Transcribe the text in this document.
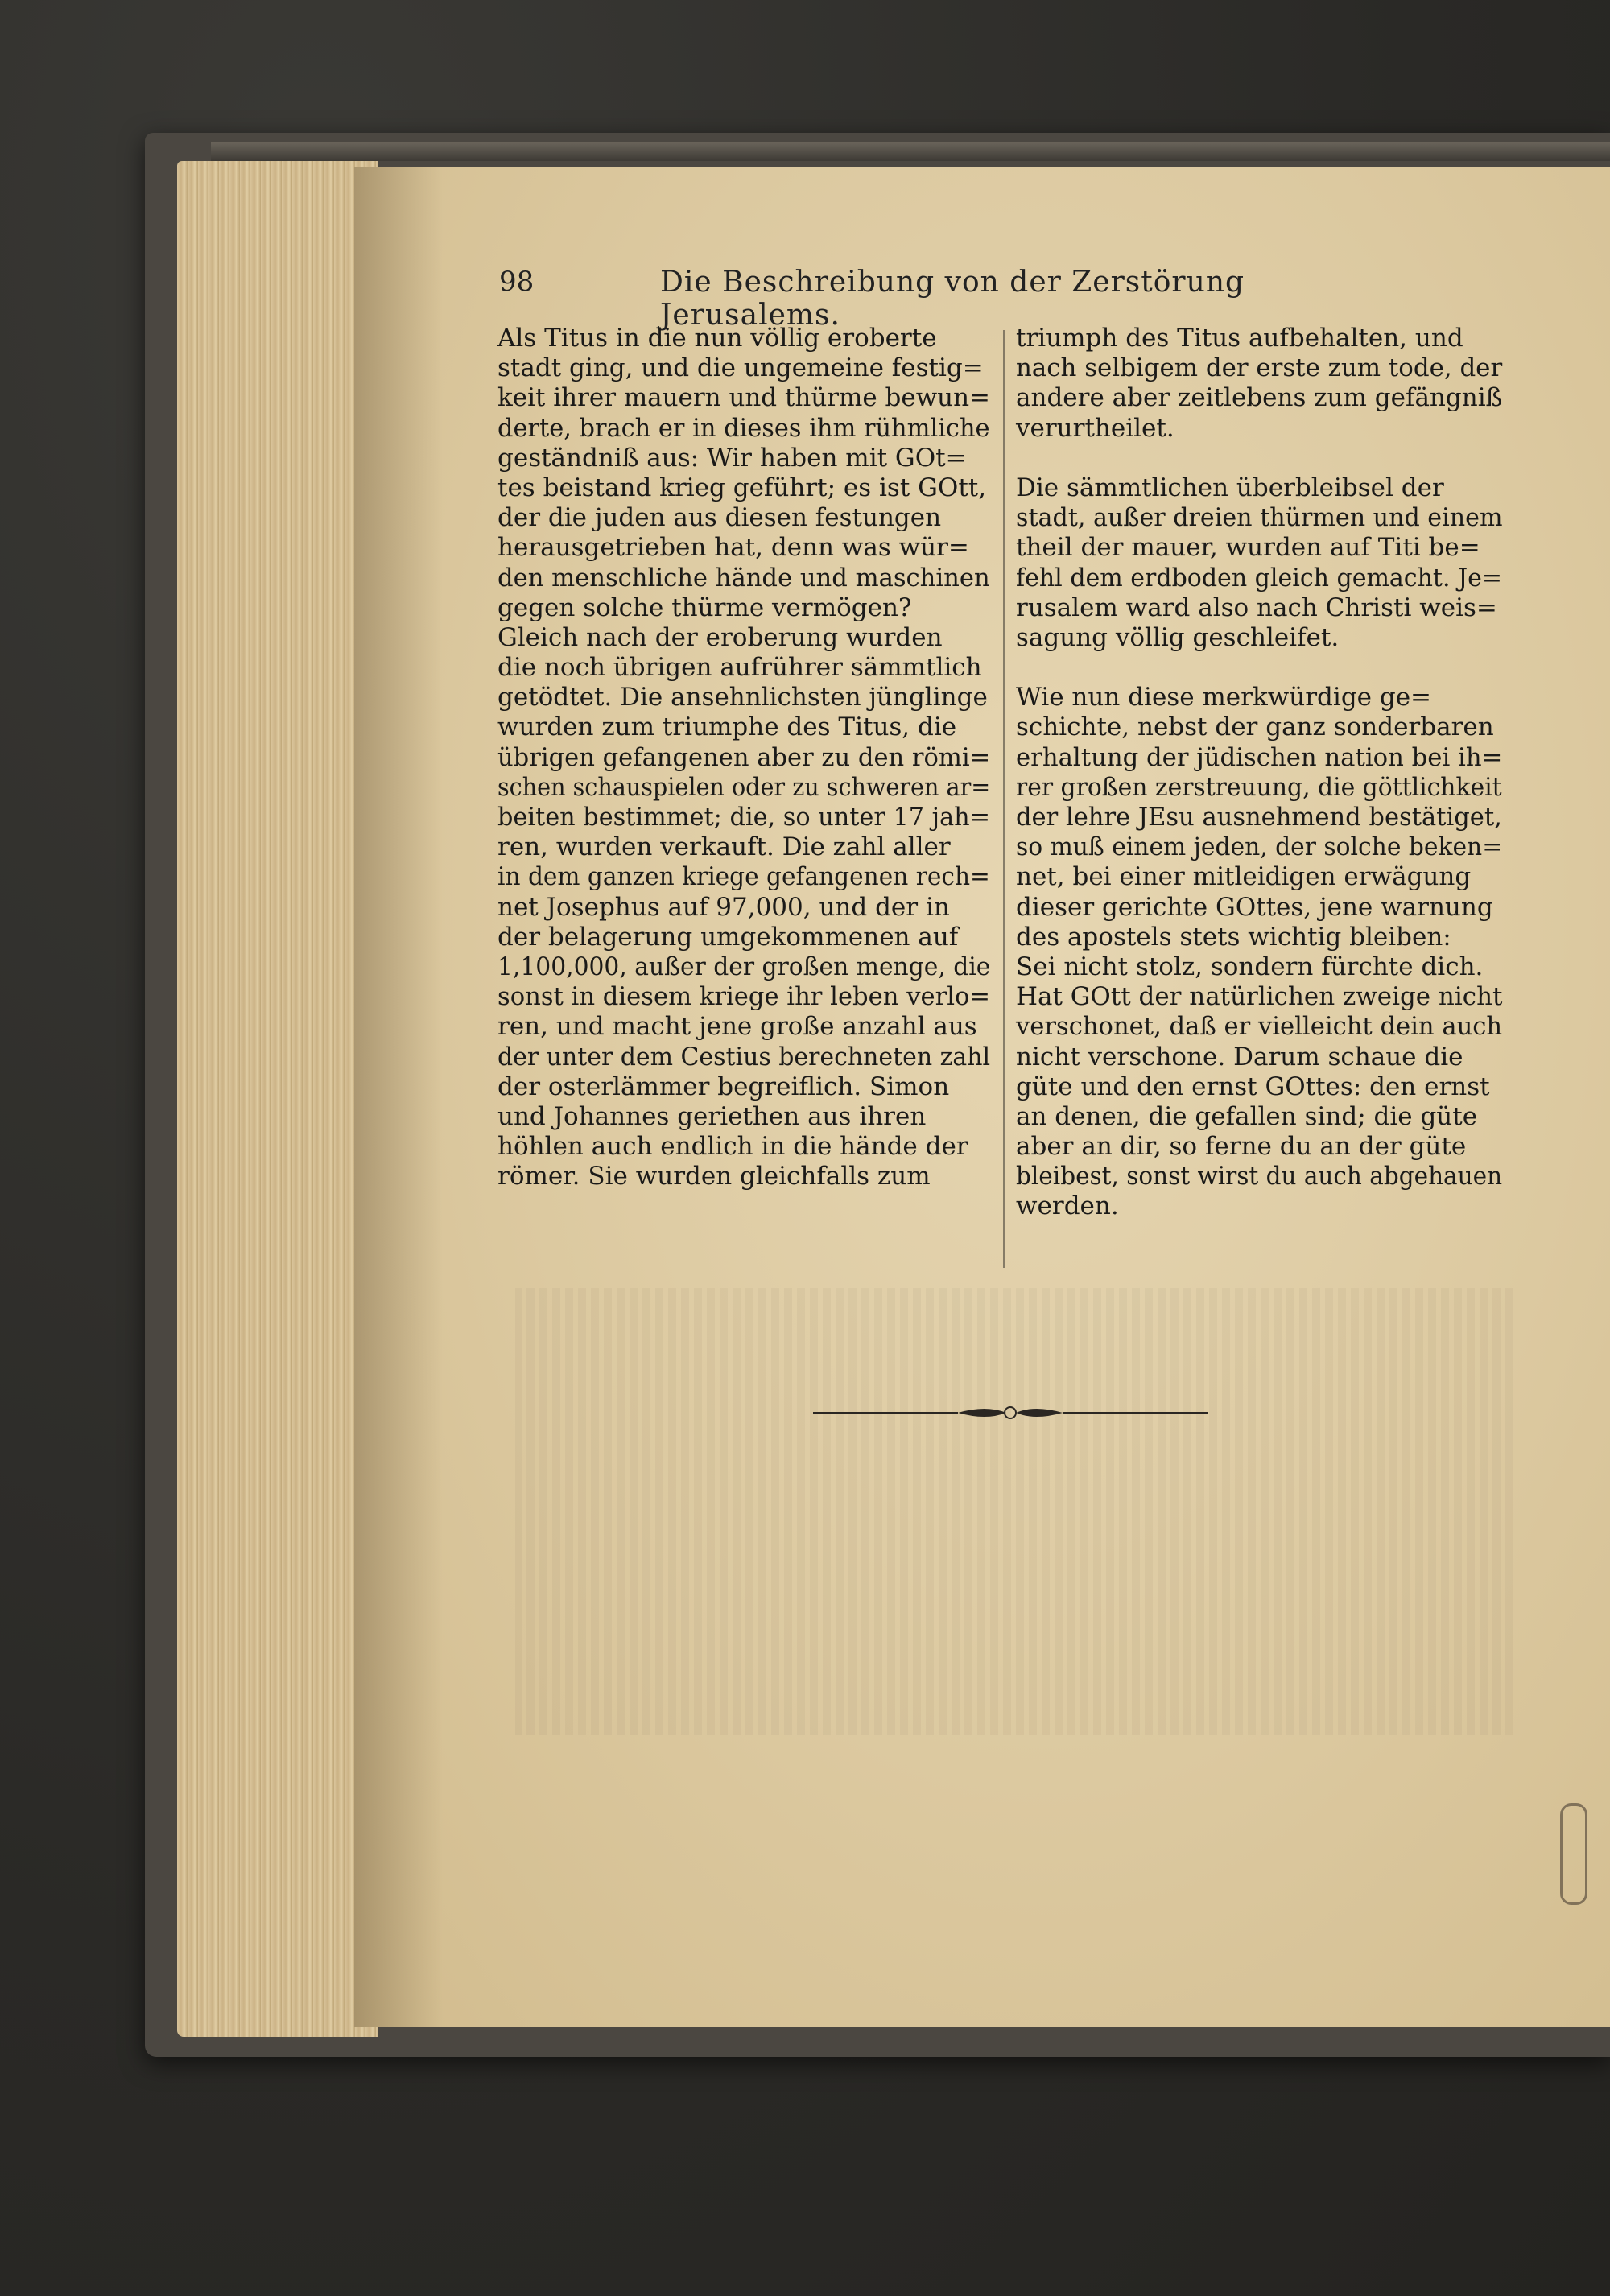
98	Die Beschreibung von der Zerstörung Jerusalems.
Als Titus in die nun völlig eroberte
stadt ging, und die ungemeine festig=
keit ihrer mauern und thürme bewun=
derte, brach er in dieses ihm rühmliche
geständniß aus: Wir haben mit GOt=
tes beistand krieg geführt; es ist GOtt,
der die juden aus diesen festungen
herausgetrieben hat, denn was wür=
den menschliche hände und maschinen
gegen solche thürme vermögen?
Gleich nach der eroberung wurden
die noch übrigen aufrührer sämmtlich
getödtet. Die ansehnlichsten jünglinge
wurden zum triumphe des Titus, die
übrigen gefangenen aber zu den römi=
schen schauspielen oder zu schweren ar=
beiten bestimmet; die, so unter 17 jah=
ren, wurden verkauft. Die zahl aller
in dem ganzen kriege gefangenen rech=
net Josephus auf 97,000, und der in
der belagerung umgekommenen auf
1,100,000, außer der großen menge, die
sonst in diesem kriege ihr leben verlo=
ren, und macht jene große anzahl aus
der unter dem Cestius berechneten zahl
der osterlämmer begreiflich. Simon
und Johannes geriethen aus ihren
höhlen auch endlich in die hände der
römer. Sie wurden gleichfalls zum
triumph des Titus aufbehalten, und
nach selbigem der erste zum tode, der
andere aber zeitlebens zum gefängniß
verurtheilet.
Die sämmtlichen überbleibsel der
stadt, außer dreien thürmen und einem
theil der mauer, wurden auf Titi be=
fehl dem erdboden gleich gemacht. Je=
rusalem ward also nach Christi weis=
sagung völlig geschleifet.
Wie nun diese merkwürdige ge=
schichte, nebst der ganz sonderbaren
erhaltung der jüdischen nation bei ih=
rer großen zerstreuung, die göttlichkeit
der lehre JEsu ausnehmend bestätiget,
so muß einem jeden, der solche beken=
net, bei einer mitleidigen erwägung
dieser gerichte GOttes, jene warnung
des apostels stets wichtig bleiben:
Sei nicht stolz, sondern fürchte dich.
Hat GOtt der natürlichen zweige nicht
verschonet, daß er vielleicht dein auch
nicht verschone. Darum schaue die
güte und den ernst GOttes: den ernst
an denen, die gefallen sind; die güte
aber an dir, so ferne du an der güte
bleibest, sonst wirst du auch abgehauen
werden.
